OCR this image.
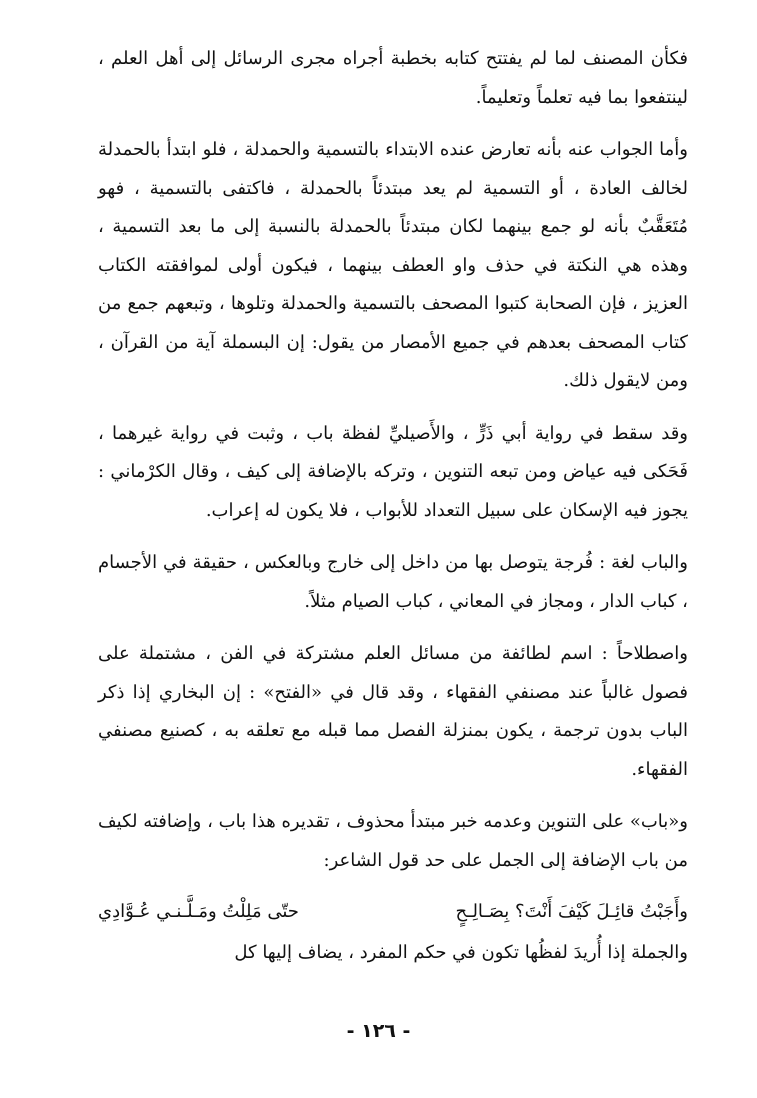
فكأن المصنف لما لم يفتتح كتابه بخطبة أجراه مجرى الرسائل إلى أهل العلم ، لينتفعوا بما فيه تعلماً وتعليماً.

وأما الجواب عنه بأنه تعارض عنده الابتداء بالتسمية والحمدلة ، فلو ابتدأ بالحمدلة لخالف العادة ، أو التسمية لم يعد مبتدئاً بالحمدلة ، فاكتفى بالتسمية ، فهو مُتَعَقَّبٌ بأنه لو جمع بينهما لكان مبتدئاً بالحمدلة بالنسبة إلى ما بعد التسمية ، وهذه هي النكتة في حذف واو العطف بينهما ، فيكون أولى لموافقته الكتاب العزيز ، فإن الصحابة كتبوا المصحف بالتسمية والحمدلة وتلوها ، وتبعهم جمع من كتاب المصحف بعدهم في جميع الأمصار من يقول: إن البسملة آية من القرآن ، ومن لايقول ذلك.

وقد سقط في رواية أبي ذَرٍّ ، والأَصيليِّ لفظة باب ، وثبت في رواية غيرهما ، فَحَكى فيه عياض ومن تبعه التنوين ، وتركه بالإضافة إلى كيف ، وقال الكرْماني : يجوز فيه الإسكان على سبيل التعداد للأبواب ، فلا يكون له إعراب.

والباب لغة : فُرجة يتوصل بها من داخل إلى خارج وبالعكس ، حقيقة في الأجسام ، كباب الدار ، ومجاز في المعاني ، كباب الصيام مثلاً.

واصطلاحاً : اسم لطائفة من مسائل العلم مشتركة في الفن ، مشتملة على فصول غالباً عند مصنفي الفقهاء ، وقد قال في «الفتح» : إن البخاري إذا ذكر الباب بدون ترجمة ، يكون بمنزلة الفصل مما قبله مع تعلقه به ، كصنيع مصنفي الفقهاء.

و«باب» على التنوين وعدمه خبر مبتدأ محذوف ، تقديره هذا باب ، وإضافته لكيف من باب الإضافة إلى الجمل على حد قول الشاعر:

وأَجَبْتُ قائِـلَ كَيْفَ أَنْتَ؟ بِصَـالِـحٍ
حتّى مَلِلْتُ ومَـلَّـنـي عُـوَّادِي

والجملة إذا أُريدَ لفظُها تكون في حكم المفرد ، يضاف إليها كل

- ١٢٦ -
